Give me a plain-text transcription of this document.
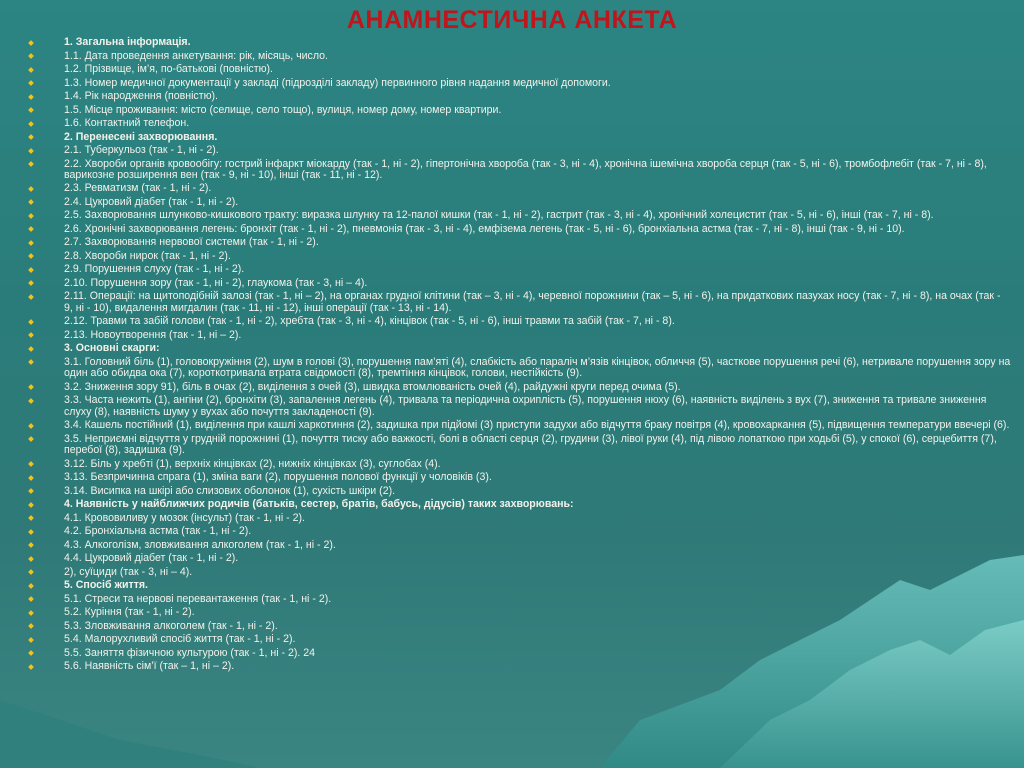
АНАМНЕСТИЧНА АНКЕТА
1. Загальна інформація.
1.1. Дата проведення анкетування: рік, місяць, число.
1.2. Прізвище, ім’я, по-батькові (повністю).
1.3. Номер медичної документації у закладі (підрозділі закладу) первинного рівня надання медичної допомоги.
1.4. Рік народження (повністю).
1.5. Місце проживання: місто (селище, село тощо), вулиця, номер дому, номер квартири.
1.6. Контактний телефон.
2. Перенесені захворювання.
2.1. Туберкульоз (так - 1, ні - 2).
2.2. Хвороби органів кровообігу: гострий інфаркт міокарду (так - 1, ні - 2), гіпертонічна хвороба (так - 3, ні - 4), хронічна ішемічна хвороба серця (так - 5, ні - 6), тромбофлебіт (так - 7, ні - 8), варикозне розширення вен (так - 9, ні - 10), інші (так - 11, ні - 12).
2.3. Ревматизм (так - 1, ні - 2).
2.4. Цукровий діабет (так - 1, ні - 2).
2.5. Захворювання шлунково-кишкового тракту: виразка шлунку та 12-палої кишки (так - 1, ні - 2), гастрит (так - 3, ні - 4), хронічний холецистит (так - 5, ні - 6), інші (так - 7, ні - 8).
2.6. Хронічні захворювання легень: бронхіт (так - 1, ні - 2), пневмонія (так - 3, ні - 4), емфізема легень (так - 5, ні - 6), бронхіальна астма (так - 7, ні - 8), інші (так - 9, ні - 10).
2.7. Захворювання нервової системи (так - 1, ні - 2).
2.8. Хвороби нирок (так - 1, ні - 2).
2.9. Порушення слуху (так - 1, ні - 2).
2.10. Порушення зору (так - 1, ні - 2), глаукома (так - 3, ні – 4).
2.11. Операції: на щитоподібній залозі (так - 1, ні – 2), на органах грудної клітини (так – 3, ні - 4), черевної порожнини (так – 5, ні - 6), на придаткових пазухах носу (так - 7, ні - 8), на очах (так - 9, ні - 10), видалення мигдалин (так - 11, ні - 12), інші операції (так - 13, ні - 14).
2.12. Травми та забій голови (так - 1, ні - 2), хребта (так - 3, ні - 4), кінцівок (так - 5, ні - 6), інші травми та забій (так - 7, ні - 8).
2.13. Новоутворення (так - 1, ні – 2).
3. Основні скарги:
3.1. Головний біль (1), головокружіння (2), шум в голові (3), порушення пам’яті (4), слабкість або параліч м’язів кінцівок, обличчя (5), часткове порушення речі (6), нетривале порушення зору на один або обидва ока (7), короткотривала втрата свідомості (8), тремтіння кінцівок, голови, нестійкість (9).
3.2. Зниження зору 91), біль в очах (2), виділення з очей (3), швидка втомлюваність очей (4), райдужні круги перед очима (5).
3.3. Часта нежить (1), ангіни (2), бронхіти (3), запалення легень (4), тривала та періодична охриплість (5), порушення нюху (6), наявність виділень з вух (7), зниження та тривале зниження слуху (8), наявність шуму у вухах або почуття закладеності (9).
3.4. Кашель постійний (1), виділення при кашлі харкотиння (2), задишка при підйомі (3) приступи задухи або відчуття браку повітря (4), кровохаркання (5), підвищення температури ввечері (6).
3.5. Неприємні відчуття у грудній порожнині (1), почуття тиску або важкості, болі в області серця (2), грудини (3), лівої руки (4), під лівою лопаткою при ходьбі (5), у спокої (6), серцебиття (7), перебої (8), задишка (9).
3.12. Біль у хребті (1), верхніх кінцівках (2), нижніх кінцівках (3), суглобах (4).
3.13. Безпричинна спрага (1), зміна ваги (2), порушення полової функції у чоловіків (3).
3.14. Висипка на шкірі або слизових оболонок (1), сухість шкіри (2).
4. Наявність у найближчих родичів (батьків, сестер, братів, бабусь, дідусів) таких захворювань:
4.1. Крововиливу у мозок (інсульт) (так - 1, ні - 2).
4.2. Бронхіальна астма (так - 1, ні - 2).
4.3. Алкоголізм, зловживання алкоголем (так - 1, ні - 2).
4.4. Цукровий діабет (так - 1, ні - 2).
2), суїциди (так - 3, ні – 4).
5. Спосіб життя.
5.1. Стреси та нервові перевантаження (так - 1, ні - 2).
5.2. Куріння (так - 1, ні - 2).
5.3. Зловживання алкоголем (так - 1, ні - 2).
5.4. Малорухливий спосіб життя (так - 1, ні - 2).
5.5. Заняття фізичною культурою (так - 1, ні - 2). 24
5.6. Наявність сім’ї (так – 1, ні – 2).
